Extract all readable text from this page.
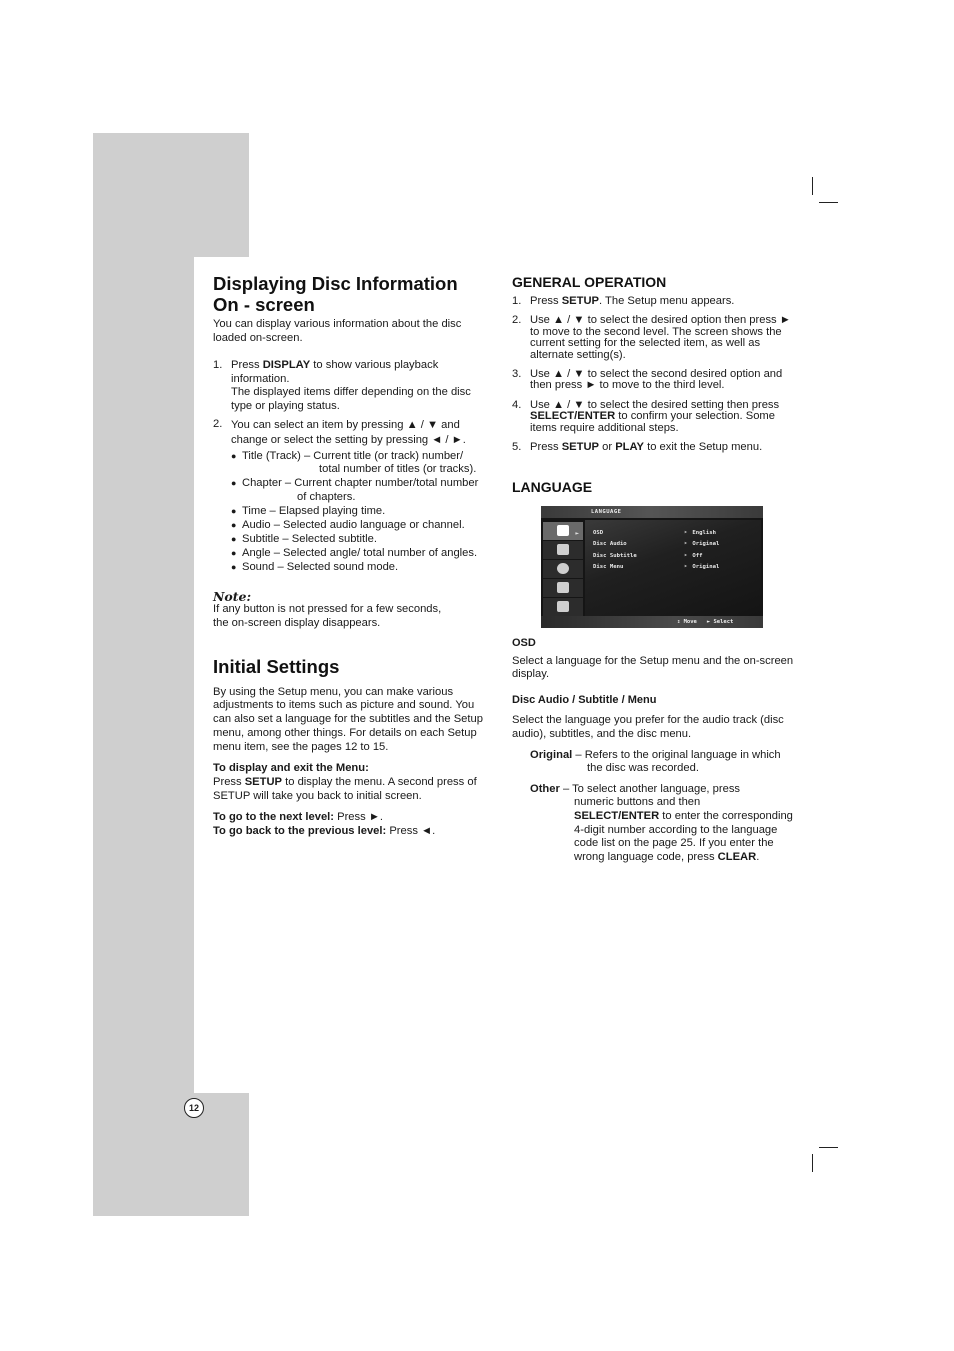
12
Displaying Disc Information
On - screen

You can display various information about the disc loaded on-screen.

1. Press DISPLAY to show various playback information.
The displayed items differ depending on the disc type or playing status.
2. You can select an item by pressing ▲ / ▼ and change or select the setting by pressing ◄ / ►.
● Title (Track) – Current title (or track) number/
total number of titles (or tracks).
● Chapter – Current chapter number/total number
of chapters.
● Time – Elapsed playing time.
● Audio – Selected audio language or channel.
● Subtitle – Selected subtitle.
● Angle – Selected angle/ total number of angles.
● Sound – Selected sound mode.
Note:

If any button is not pressed for a few seconds,

the on-screen display disappears.

Initial Settings

By using the Setup menu, you can make various adjustments to items such as picture and sound. You can also set a language for the subtitles and the Setup menu, among other things. For details on each Setup menu item, see the pages 12 to 15.

To display and exit the Menu:

Press SETUP to display the menu. A second press of SETUP will take you back to initial screen.

To go to the next level: Press ►.

To go back to the previous level: Press ◄.

GENERAL OPERATION
1. Press SETUP. The Setup menu appears.
2. Use ▲ / ▼ to select the desired option then press ► to move to the second level. The screen shows the current setting for the selected item, as well as alternate setting(s).
3. Use ▲ / ▼ to select the second desired option and then press ► to move to the third level.
4. Use ▲ / ▼ to select the desired setting then press SELECT/ENTER to confirm your selection. Some items require additional steps.
5. Press SETUP or PLAY to exit the Setup menu.
LANGUAGE
LANGUAGE
►	OSD	➤ English
Disc Audio	➤ Original
Disc Subtitle	➤ Off
Disc Menu	➤ Original
⇕ Move ► Select

OSD

Select a language for the Setup menu and the on-screen display.

Disc Audio / Subtitle / Menu

Select the language you prefer for the audio track (disc audio), subtitles, and the disc menu.

Original – Refers to the original language in which
the disc was recorded.
Other – To select another language, press
numeric buttons and then
SELECT/ENTER to enter the corresponding 4-digit number according to the language code list on the page 25. If you enter the wrong language code, press CLEAR.
